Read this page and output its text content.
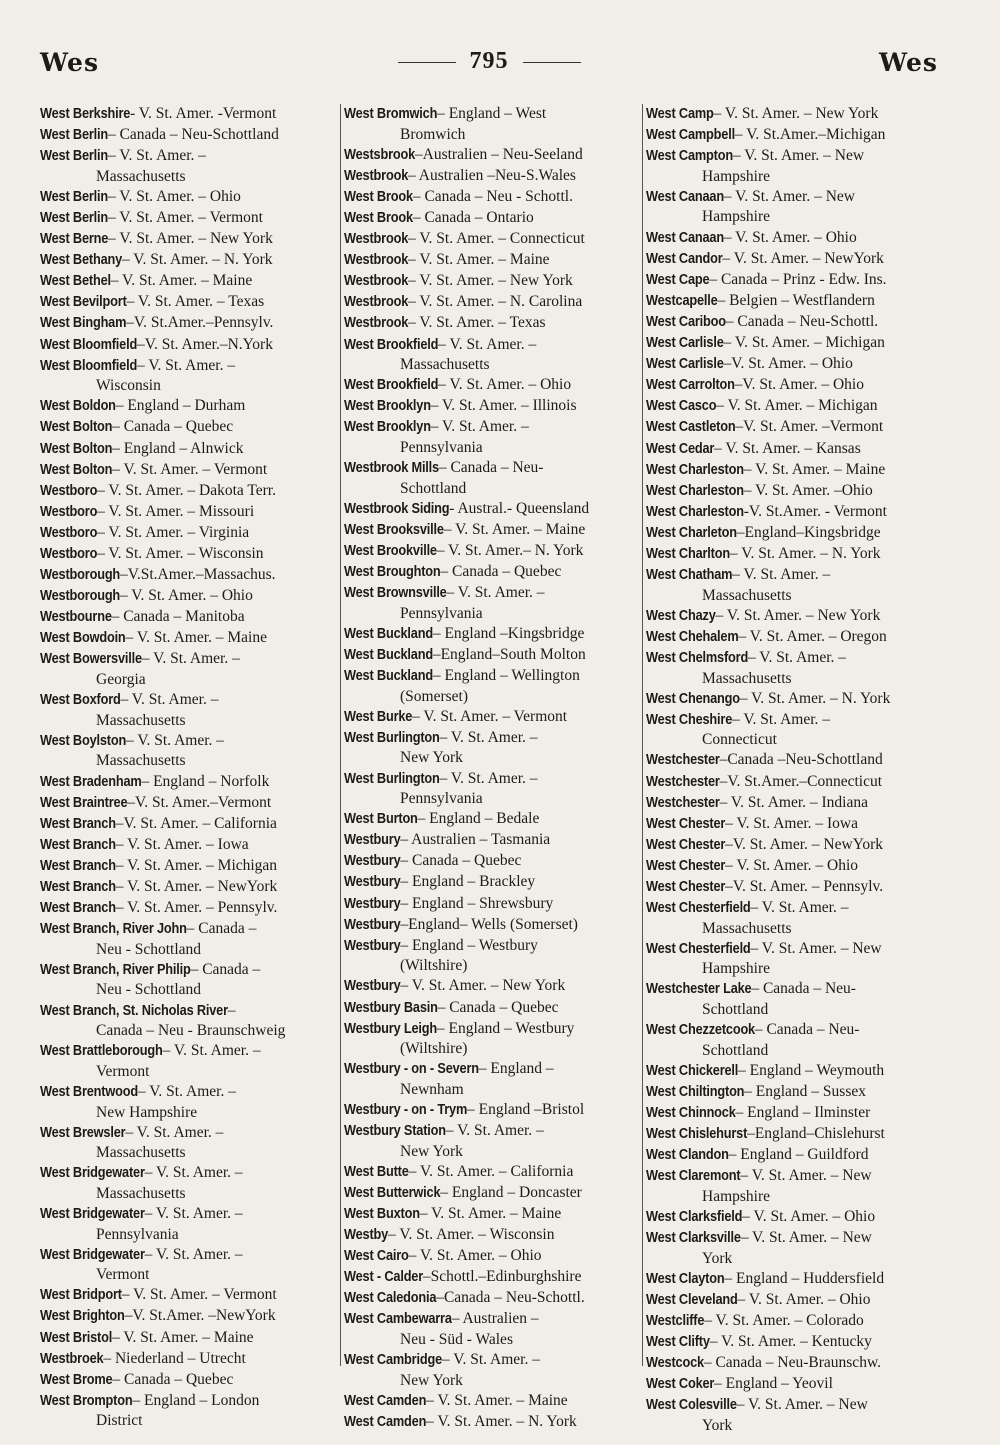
Wes	795	Wes
West Berkshire - V. St. Amer. -Vermont
West Berlin – Canada – Neu-Schottland
West Berlin – V. St. Amer. –
Massachusetts
West Berlin – V. St. Amer. – Ohio
West Berlin – V. St. Amer. – Vermont
West Berne – V. St. Amer. – New York
West Bethany – V. St. Amer. – N. York
West Bethel – V. St. Amer. – Maine
West Bevilport – V. St. Amer. – Texas
West Bingham –V. St.Amer.–Pennsylv.
West Bloomfield –V. St. Amer.–N.York
West Bloomfield – V. St. Amer. –
Wisconsin
West Boldon – England – Durham
West Bolton – Canada – Quebec
West Bolton – England – Alnwick
West Bolton – V. St. Amer. – Vermont
Westboro – V. St. Amer. – Dakota Terr.
Westboro – V. St. Amer. – Missouri
Westboro – V. St. Amer. – Virginia
Westboro – V. St. Amer. – Wisconsin
Westborough –V.St.Amer.–Massachus.
Westborough – V. St. Amer. – Ohio
Westbourne – Canada – Manitoba
West Bowdoin – V. St. Amer. – Maine
West Bowersville – V. St. Amer. –
Georgia
West Boxford – V. St. Amer. –
Massachusetts
West Boylston – V. St. Amer. –
Massachusetts
West Bradenham – England – Norfolk
West Braintree –V. St. Amer.–Vermont
West Branch –V. St. Amer. – California
West Branch – V. St. Amer. – Iowa
West Branch – V. St. Amer. – Michigan
West Branch – V. St. Amer. – NewYork
West Branch – V. St. Amer. – Pennsylv.
West Branch, River John – Canada –
Neu - Schottland
West Branch, River Philip – Canada –
Neu - Schottland
West Branch, St. Nicholas River –
Canada – Neu - Braunschweig
West Brattleborough – V. St. Amer. –
Vermont
West Brentwood – V. St. Amer. –
New Hampshire
West Brewsler – V. St. Amer. –
Massachusetts
West Bridgewater – V. St. Amer. –
Massachusetts
West Bridgewater – V. St. Amer. –
Pennsylvania
West Bridgewater – V. St. Amer. –
Vermont
West Bridport – V. St. Amer. – Vermont
West Brighton –V. St.Amer. –NewYork
West Bristol – V. St. Amer. – Maine
Westbroek – Niederland – Utrecht
West Brome – Canada – Quebec
West Brompton – England – London
District
West Bromwich – England – West
Bromwich
Westsbrook –Australien – Neu-Seeland
Westbrook – Australien –Neu-S.Wales
West Brook – Canada – Neu - Schottl.
West Brook – Canada – Ontario
Westbrook – V. St. Amer. – Connecticut
Westbrook – V. St. Amer. – Maine
Westbrook – V. St. Amer. – New York
Westbrook – V. St. Amer. – N. Carolina
Westbrook – V. St. Amer. – Texas
West Brookfield – V. St. Amer. –
Massachusetts
West Brookfield – V. St. Amer. – Ohio
West Brooklyn – V. St. Amer. – Illinois
West Brooklyn – V. St. Amer. –
Pennsylvania
Westbrook Mills – Canada – Neu-
Schottland
Westbrook Siding - Austral.- Queensland
West Brooksville – V. St. Amer. – Maine
West Brookville – V. St. Amer.– N. York
West Broughton – Canada – Quebec
West Brownsville – V. St. Amer. –
Pennsylvania
West Buckland – England –Kingsbridge
West Buckland –England–South Molton
West Buckland – England – Wellington
(Somerset)
West Burke – V. St. Amer. – Vermont
West Burlington – V. St. Amer. –
New York
West Burlington – V. St. Amer. –
Pennsylvania
West Burton – England – Bedale
Westbury – Australien – Tasmania
Westbury – Canada – Quebec
Westbury – England – Brackley
Westbury – England – Shrewsbury
Westbury –England– Wells (Somerset)
Westbury – England – Westbury
(Wiltshire)
Westbury – V. St. Amer. – New York
Westbury Basin – Canada – Quebec
Westbury Leigh – England – Westbury
(Wiltshire)
Westbury - on - Severn – England –
Newnham
Westbury - on - Trym – England –Bristol
Westbury Station – V. St. Amer. –
New York
West Butte – V. St. Amer. – California
West Butterwick – England – Doncaster
West Buxton – V. St. Amer. – Maine
Westby – V. St. Amer. – Wisconsin
West Cairo – V. St. Amer. – Ohio
West - Calder –Schottl.–Edinburghshire
West Caledonia –Canada – Neu-Schottl.
West Cambewarra – Australien –
Neu - Süd - Wales
West Cambridge – V. St. Amer. –
New York
West Camden – V. St. Amer. – Maine
West Camden – V. St. Amer. – N. York
West Camp – V. St. Amer. – New York
West Campbell – V. St.Amer.–Michigan
West Campton – V. St. Amer. – New
Hampshire
West Canaan – V. St. Amer. – New
Hampshire
West Canaan – V. St. Amer. – Ohio
West Candor – V. St. Amer. – NewYork
West Cape – Canada – Prinz - Edw. Ins.
Westcapelle – Belgien – Westflandern
West Cariboo – Canada – Neu-Schottl.
West Carlisle – V. St. Amer. – Michigan
West Carlisle –V. St. Amer. – Ohio
West Carrolton –V. St. Amer. – Ohio
West Casco – V. St. Amer. – Michigan
West Castleton –V. St. Amer. –Vermont
West Cedar – V. St. Amer. – Kansas
West Charleston – V. St. Amer. – Maine
West Charleston – V. St. Amer. –Ohio
West Charleston -V. St.Amer. - Vermont
West Charleton –England–Kingsbridge
West Charlton – V. St. Amer. – N. York
West Chatham – V. St. Amer. –
Massachusetts
West Chazy – V. St. Amer. – New York
West Chehalem – V. St. Amer. – Oregon
West Chelmsford – V. St. Amer. –
Massachusetts
West Chenango – V. St. Amer. – N. York
West Cheshire – V. St. Amer. –
Connecticut
Westchester –Canada –Neu-Schottland
Westchester –V. St.Amer.–Connecticut
Westchester – V. St. Amer. – Indiana
West Chester – V. St. Amer. – Iowa
West Chester –V. St. Amer. – NewYork
West Chester – V. St. Amer. – Ohio
West Chester –V. St. Amer. – Pennsylv.
West Chesterfield – V. St. Amer. –
Massachusetts
West Chesterfield – V. St. Amer. – New
Hampshire
Westchester Lake – Canada – Neu-
Schottland
West Chezzetcook – Canada – Neu-
Schottland
West Chickerell – England – Weymouth
West Chiltington – England – Sussex
West Chinnock – England – Ilminster
West Chislehurst –England–Chislehurst
West Clandon – England – Guildford
West Claremont – V. St. Amer. – New
Hampshire
West Clarksfield – V. St. Amer. – Ohio
West Clarksville – V. St. Amer. – New
York
West Clayton – England – Huddersfield
West Cleveland – V. St. Amer. – Ohio
Westcliffe – V. St. Amer. – Colorado
West Clifty – V. St. Amer. – Kentucky
Westcock – Canada – Neu-Braunschw.
West Coker – England – Yeovil
West Colesville – V. St. Amer. – New
York
